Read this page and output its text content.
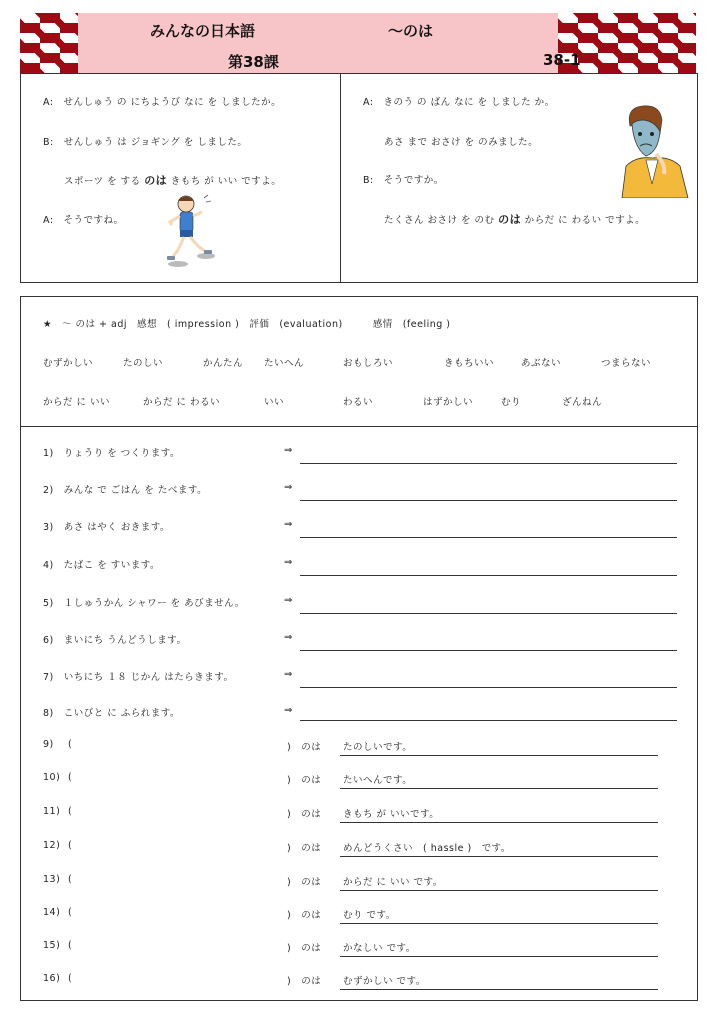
みんなの日本語	～のは
第38課	38-1
A:　せんしゅう の にちようび なに を しましたか。
B:　せんしゅう は ジョギング を しました。
スポーツ を する のは きもち が いい ですよ。
A:　そうですね。
A:　きのう の ばん なに を しました か。
あさ まで おさけ を のみました。
B:　そうですか。
たくさん おさけ を のむ のは からだ に わるい ですよ。
★　～ のは + adj　感想　( impression )　評価　(evaluation)　　　感情　(feeling )
むずかしい	たのしい	かんたん たいへん	おもしろい	きもちいい	あぶない	つまらない
からだ に いい	からだ に わるい	いい	わるい	はずかしい	むり	ざんねん
1)　りょうり を つくります。	⇒
2)　みんな で ごはん を たべます。	⇒
3)　あさ はやく おきます。	⇒
4)　たばこ を すいます。	⇒
5)　１しゅうかん シャワー を あびません。	⇒
6)　まいにち うんどうします。	⇒
7)　いちにち １８ じかん はたらきます。	⇒
8)　こいびと に ふられます。	⇒
9) (	)　のは たのしいです。
10) (	)　のは たいへんです。
11) (	)　のは きもち が いいです。
12) (	)　のは めんどうくさい　( hassle )　です。
13) (	)　のは からだ に いい です。
14) (	)　のは むり です。
15) (	)　のは かなしい です。
16) (	)　のは むずかしい です。
